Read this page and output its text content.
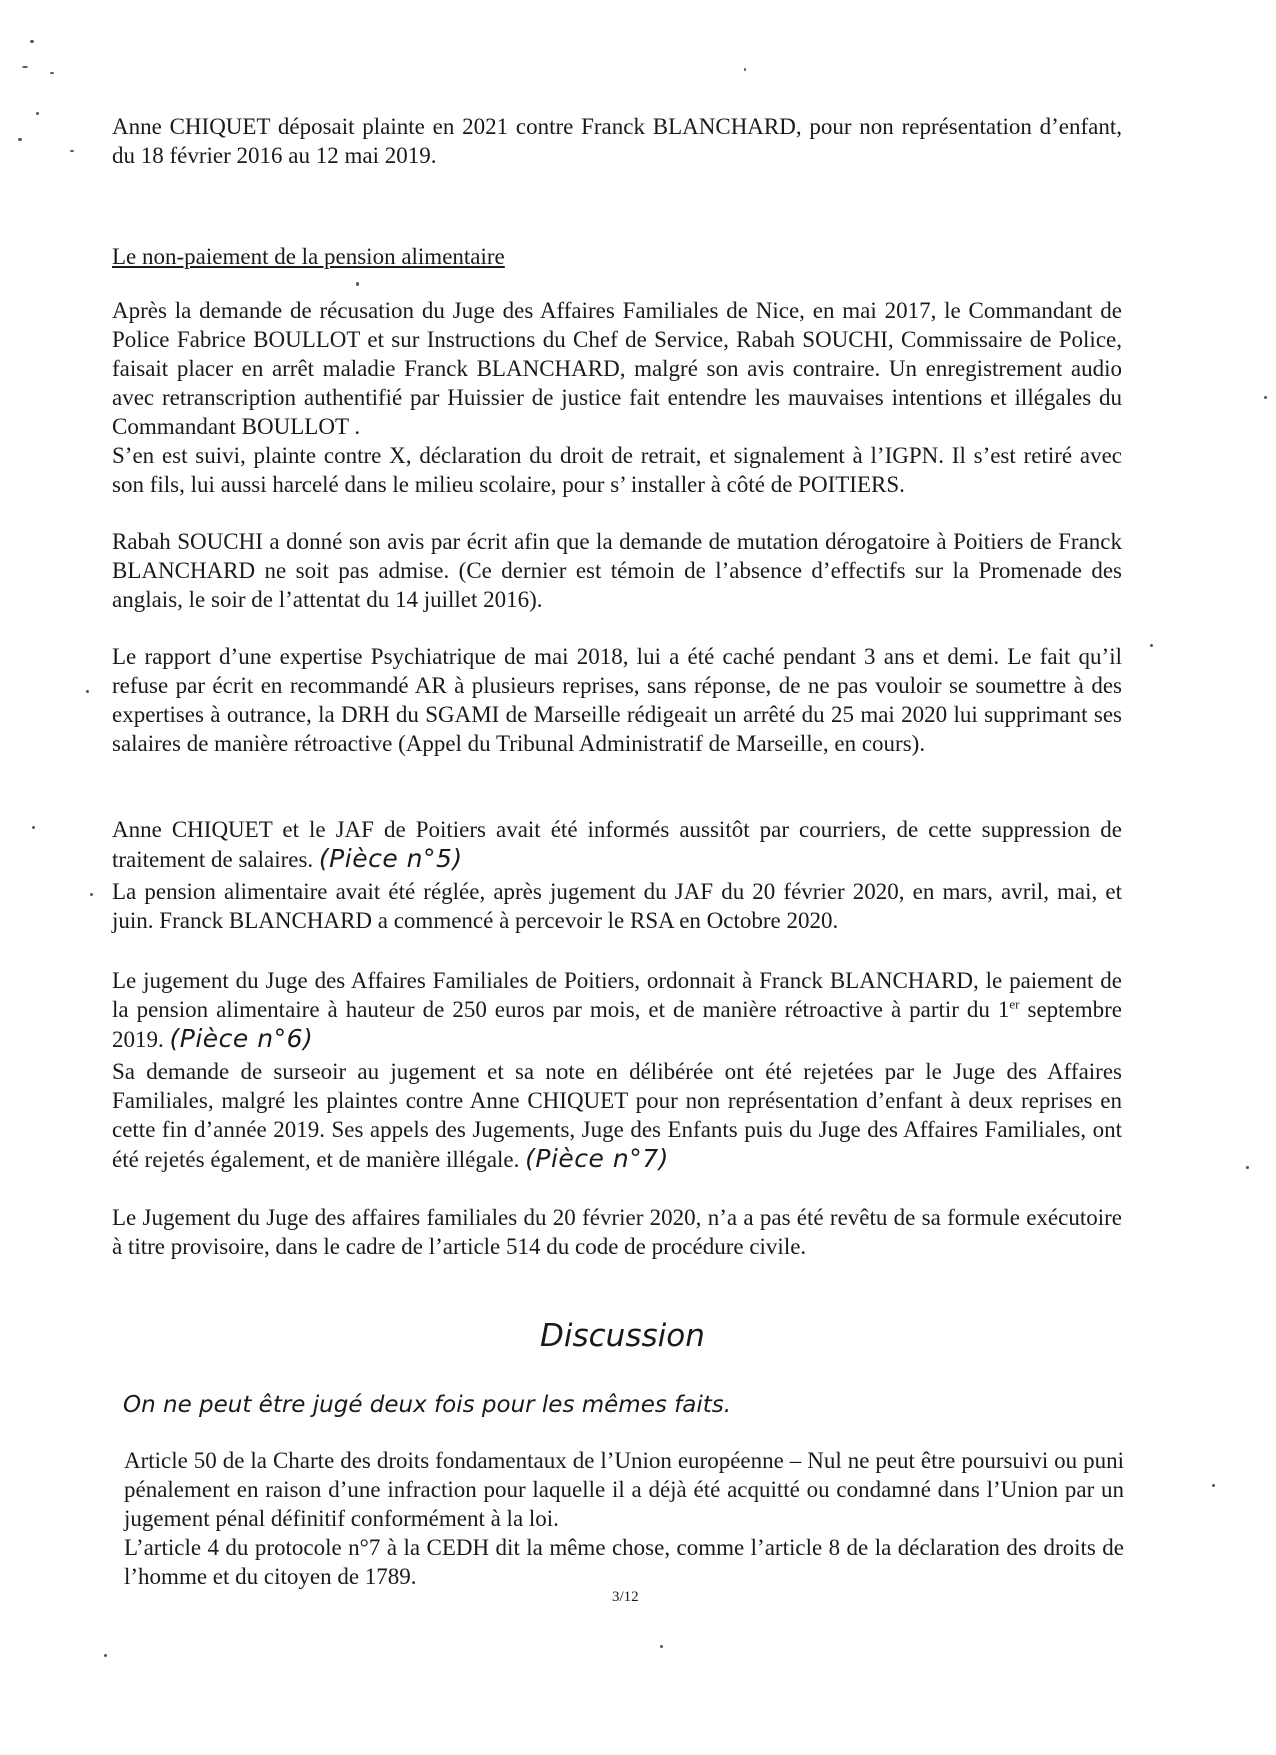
Anne CHIQUET déposait plainte en 2021 contre Franck BLANCHARD, pour non représentation d’enfant, du 18 février 2016 au 12 mai 2019.

Le non-paiement de la pension alimentaire

Après la demande de récusation du Juge des Affaires Familiales de Nice, en mai 2017, le Commandant de Police Fabrice BOULLOT et sur Instructions du Chef de Service, Rabah SOUCHI, Commissaire de Police, faisait placer en arrêt maladie Franck BLANCHARD, malgré son avis contraire. Un enregistrement audio avec retranscription authentifié par Huissier de justice fait entendre les mauvaises intentions et illégales du Commandant BOULLOT .

S’en est suivi, plainte contre X, déclaration du droit de retrait, et signalement à l’IGPN. Il s’est retiré avec son fils, lui aussi harcelé dans le milieu scolaire, pour s’ installer à côté de POITIERS.

Rabah SOUCHI a donné son avis par écrit afin que la demande de mutation dérogatoire à Poitiers de Franck BLANCHARD ne soit pas admise. (Ce dernier est témoin de l’absence d’effectifs sur la Promenade des anglais, le soir de l’attentat du 14 juillet 2016).

Le rapport d’une expertise Psychiatrique de mai 2018, lui a été caché pendant 3 ans et demi. Le fait qu’il refuse par écrit en recommandé AR à plusieurs reprises, sans réponse, de ne pas vouloir se soumettre à des expertises à outrance, la DRH du SGAMI de Marseille rédigeait un arrêté du 25 mai 2020 lui supprimant ses salaires de manière rétroactive (Appel du Tribunal Administratif de Marseille, en cours).

Anne CHIQUET et le JAF de Poitiers avait été informés aussitôt par courriers, de cette suppression de traitement de salaires. (Pièce n°5)

La pension alimentaire avait été réglée, après jugement du JAF du 20 février 2020, en mars, avril, mai, et juin. Franck BLANCHARD a commencé à percevoir le RSA en Octobre 2020.

Le jugement du Juge des Affaires Familiales de Poitiers, ordonnait à Franck BLANCHARD, le paiement de la pension alimentaire à hauteur de 250 euros par mois, et de manière rétroactive à partir du 1er septembre 2019. (Pièce n°6)

Sa demande de surseoir au jugement et sa note en délibérée ont été rejetées par le Juge des Affaires Familiales, malgré les plaintes contre Anne CHIQUET pour non représentation d’enfant à deux reprises en cette fin d’année 2019. Ses appels des Jugements, Juge des Enfants puis du Juge des Affaires Familiales, ont été rejetés également, et de manière illégale. (Pièce n°7)

Le Jugement du Juge des affaires familiales du 20 février 2020, n’a a pas été revêtu de sa formule exécutoire à titre provisoire, dans le cadre de l’article 514 du code de procédure civile.

Discussion

On ne peut être jugé deux fois pour les mêmes faits.

Article 50 de la Charte des droits fondamentaux de l’Union européenne – Nul ne peut être poursuivi ou puni pénalement en raison d’une infraction pour laquelle il a déjà été acquitté ou condamné dans l’Union par un jugement pénal définitif conformément à la loi.

L’article 4 du protocole n°7 à la CEDH dit la même chose, comme l’article 8 de la déclaration des droits de l’homme et du citoyen de 1789.

3/12
